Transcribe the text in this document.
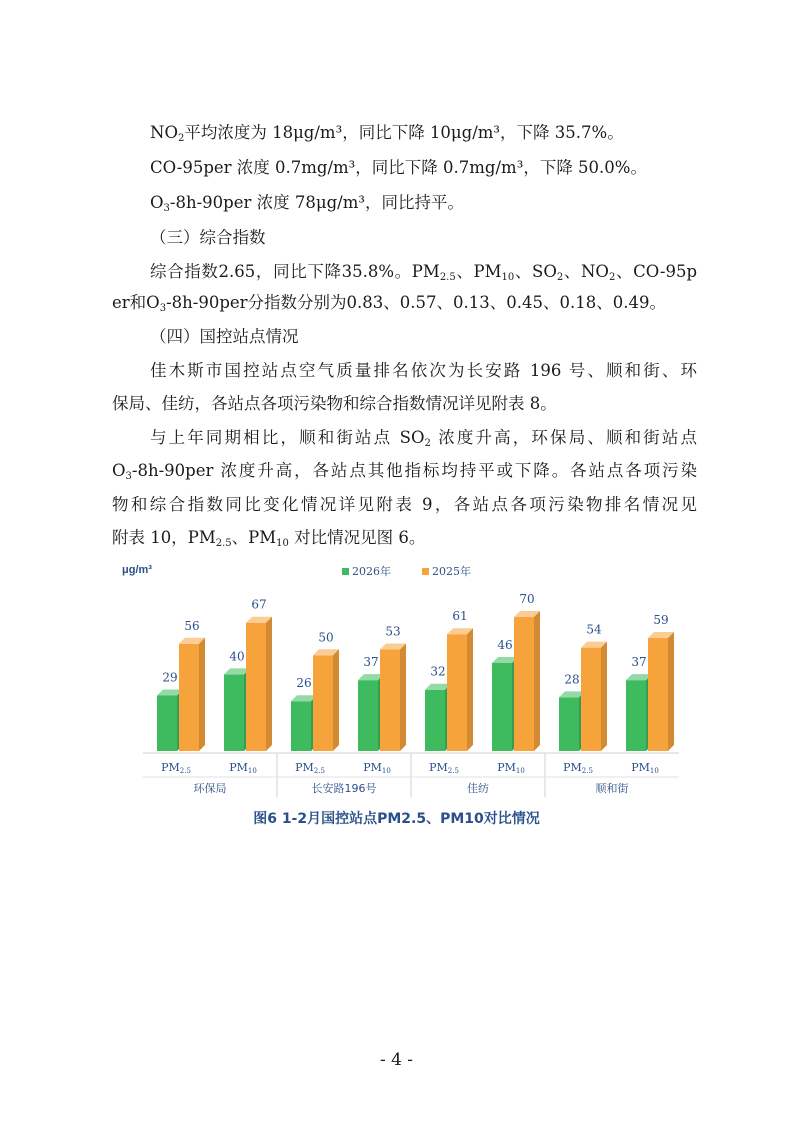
$NO_2$平均浓度为 18μg/m³，同比下降 10μg/m³，下降 35.7%。
CO-95per 浓度 0.7mg/m³，同比下降 0.7mg/m³，下降 50.0%。
$O_3-8h-90per$ 浓度 78μg/m³，同比持平。
（三）综合指数
综合指数2.65，同比下降35.8%。$PM_{2.5}$、$PM_{10}$、$SO_2$、$NO_2$、CO-95p
er和$O_3-8h-90per$分指数分别为0.83、0.57、0.13、0.45、0.18、0.49。
（四）国控站点情况
佳木斯市国控站点空气质量排名依次为长安路 196 号、顺和街、环
保局、佳纺，各站点各项污染物和综合指数情况详见附表 8。
与上年同期相比，顺和街站点 $SO_2$ 浓度升高，环保局、顺和街站点
$O_3-8h-90per$ 浓度升高，各站点其他指标均持平或下降。各站点各项污染
物和综合指数同比变化情况详见附表 9，各站点各项污染物排名情况见
附表 10，$PM_{2.5}$、$PM_{10}$ 对比情况见图 6。
μg/m³	2026年	2025年
29
56
PM2.5
40
67
PM10
环保局
26
50
PM2.5
37
53
PM10
长安路196号
32
61
PM2.5
46
70
PM10
佳纺
28
54
PM2.5
37
59
PM10
顺和街
图6 1-2月国控站点PM2.5、PM10对比情况
- 4 -
